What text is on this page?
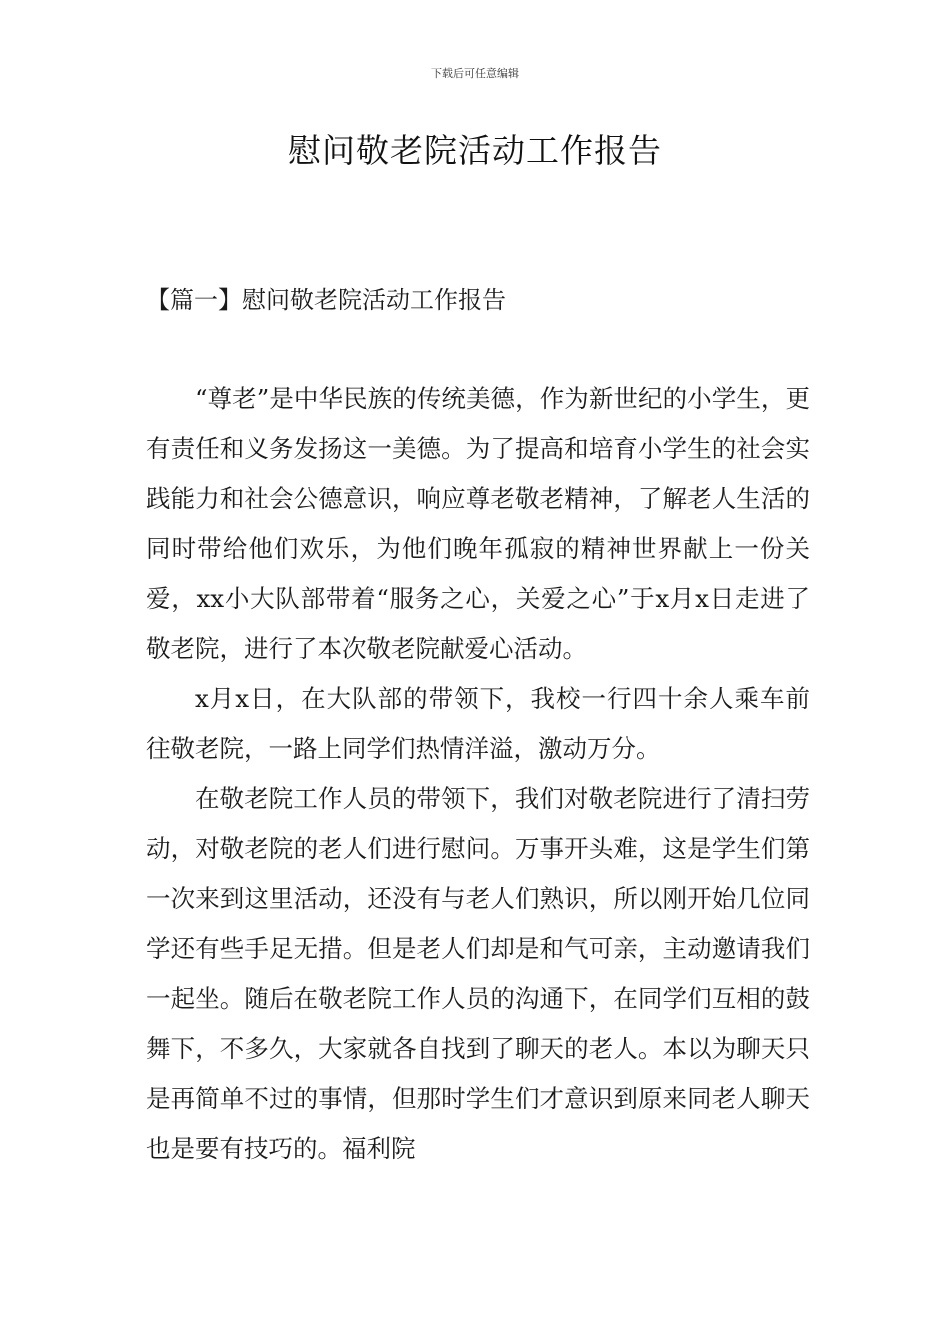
下载后可任意编辑
慰问敬老院活动工作报告
【篇一】慰问敬老院活动工作报告

“尊老”是中华民族的传统美德，作为新世纪的小学生，更有责任和义务发扬这一美德。为了提高和培育小学生的社会实践能力和社会公德意识，响应尊老敬老精神，了解老人生活的同时带给他们欢乐，为他们晚年孤寂的精神世界献上一份关爱，xx小大队部带着“服务之心，关爱之心”于x月x日走进了敬老院，进行了本次敬老院献爱心活动。

x月x日，在大队部的带领下，我校一行四十余人乘车前往敬老院，一路上同学们热情洋溢，激动万分。

在敬老院工作人员的带领下，我们对敬老院进行了清扫劳动，对敬老院的老人们进行慰问。万事开头难，这是学生们第一次来到这里活动，还没有与老人们熟识，所以刚开始几位同学还有些手足无措。但是老人们却是和气可亲，主动邀请我们一起坐。随后在敬老院工作人员的沟通下，在同学们互相的鼓舞下，不多久，大家就各自找到了聊天的老人。本以为聊天只是再简单不过的事情，但那时学生们才意识到原来同老人聊天也是要有技巧的。福利院
